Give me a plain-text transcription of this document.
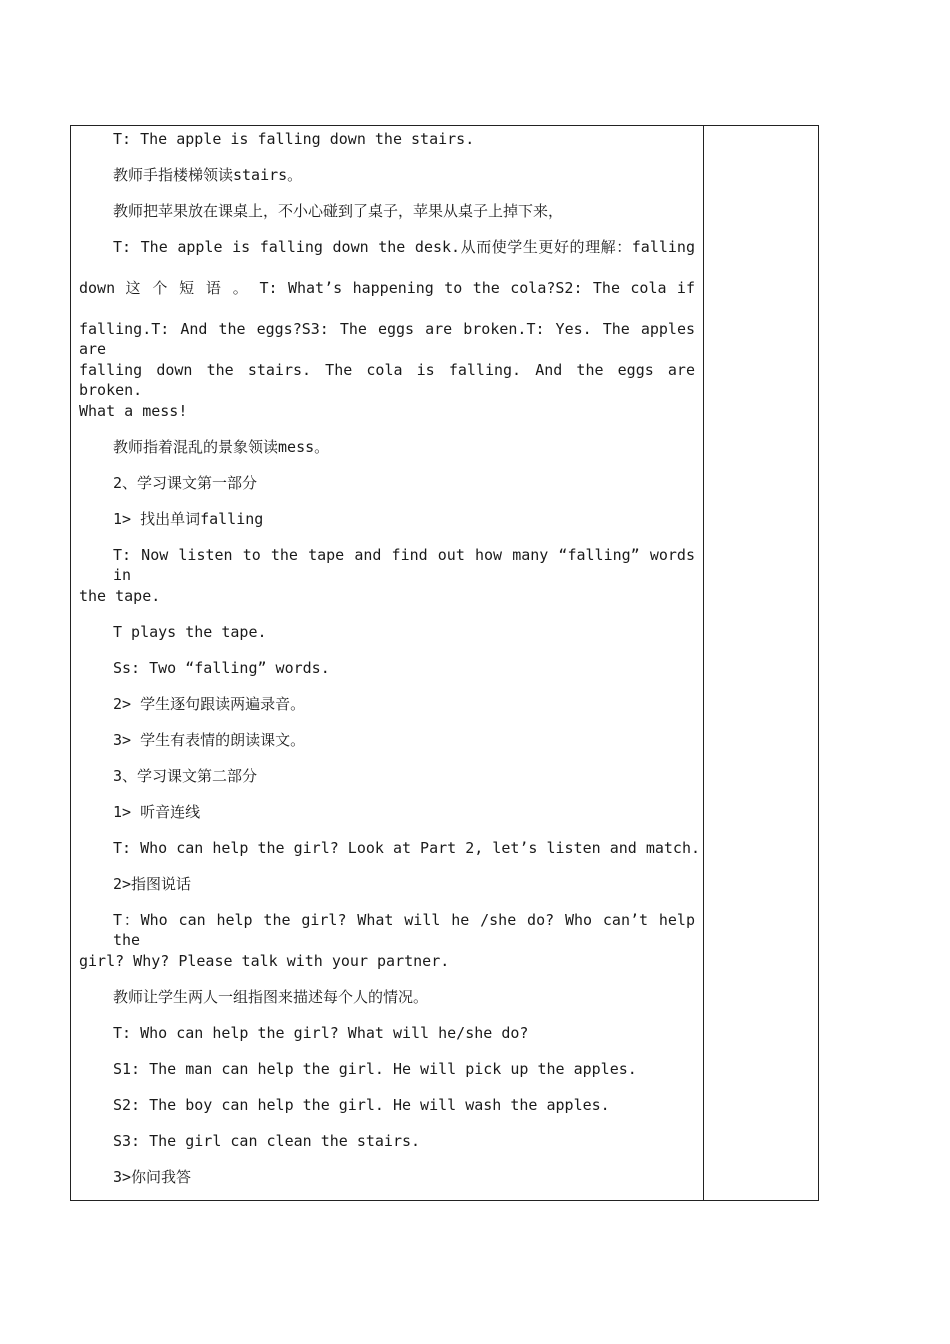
T: The apple is falling down the stairs.
教师手指楼梯领读stairs。
教师把苹果放在课桌上，不小心碰到了桌子，苹果从桌子上掉下来，
T: The apple is falling down the desk.从而使学生更好的理解：falling
down 这 个 短 语 。 T: What’s happening to the cola?S2: The cola if
falling.T: And the eggs?S3: The eggs are broken.T: Yes. The apples are
falling down the stairs. The cola is falling. And the eggs are broken.
What a mess!
教师指着混乱的景象领读mess。
2、学习课文第一部分
1> 找出单词falling
T: Now listen to the tape and find out how many “falling” words in
the tape.
T plays the tape.
Ss: Two “falling” words.
2> 学生逐句跟读两遍录音。
3> 学生有表情的朗读课文。
3、学习课文第二部分
1> 听音连线
T: Who can help the girl? Look at Part 2, let’s listen and match.
2>指图说话
T：Who can help the girl? What will he /she do? Who can’t help the
girl? Why? Please talk with your partner.
教师让学生两人一组指图来描述每个人的情况。
T: Who can help the girl? What will he/she do?
S1: The man can help the girl. He will pick up the apples.
S2: The boy can help the girl. He will wash the apples.
S3: The girl can clean the stairs.
3>你问我答
